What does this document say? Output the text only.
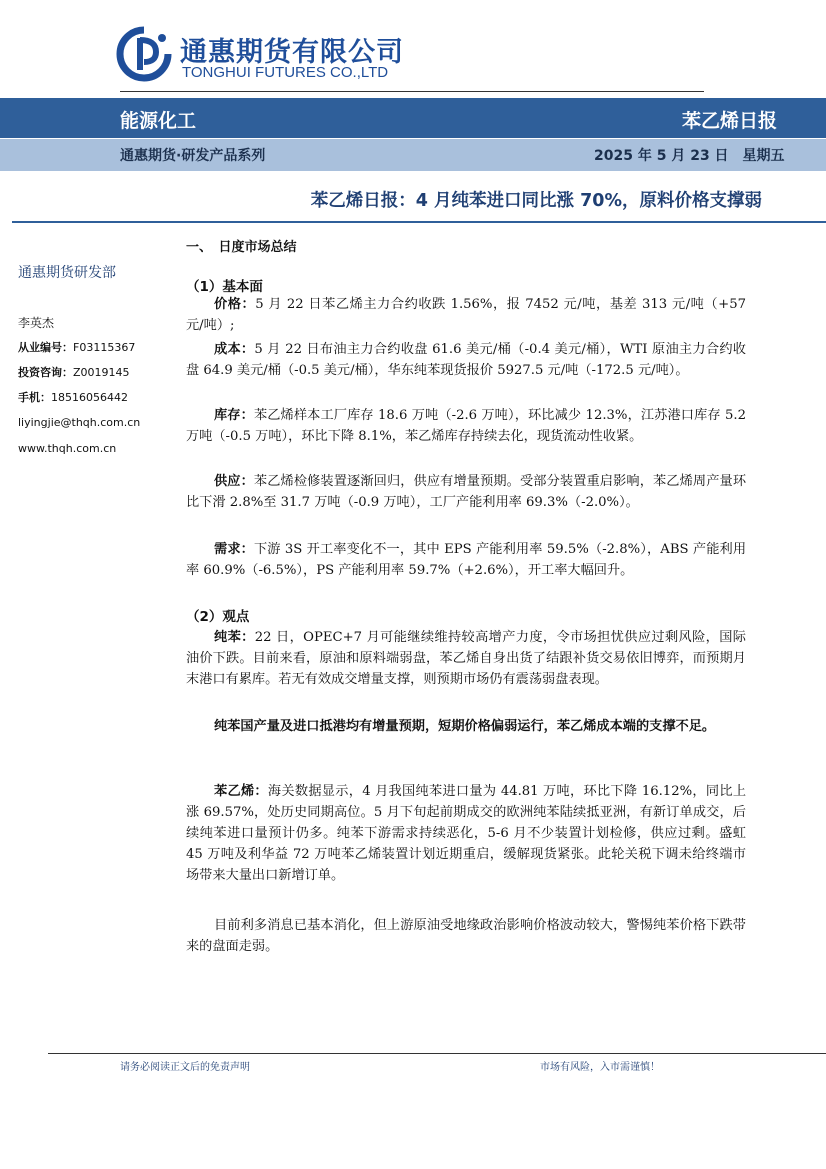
通惠期货有限公司
TONGHUI FUTURES CO.,LTD
能源化工	苯乙烯日报
通惠期货·研发产品系列	2025 年 5 月 23 日　星期五
苯乙烯日报：4 月纯苯进口同比涨 70%，原料价格支撑弱
通惠期货研发部
李英杰
从业编号：F03115367
投资咨询：Z0019145
手机：18516056442
liyingjie@thqh.com.cn
www.thqh.com.cn
一、　日度市场总结
（1）基本面

价格：5 月 22 日苯乙烯主力合约收跌 1.56%，报 7452 元/吨，基差 313 元/吨（+57 元/吨）;

成本：5 月 22 日布油主力合约收盘 61.6 美元/桶（-0.4 美元/桶），WTI 原油主力合约收盘 64.9 美元/桶（-0.5 美元/桶），华东纯苯现货报价 5927.5 元/吨（-172.5 元/吨）。

库存：苯乙烯样本工厂库存 18.6 万吨（-2.6 万吨），环比减少 12.3%，江苏港口库存 5.2 万吨（-0.5 万吨），环比下降 8.1%，苯乙烯库存持续去化，现货流动性收紧。

供应：苯乙烯检修装置逐渐回归，供应有增量预期。受部分装置重启影响，苯乙烯周产量环比下滑 2.8%至 31.7 万吨（-0.9 万吨），工厂产能利用率 69.3%（-2.0%）。

需求：下游 3S 开工率变化不一，其中 EPS 产能利用率 59.5%（-2.8%），ABS 产能利用率 60.9%（-6.5%），PS 产能利用率 59.7%（+2.6%），开工率大幅回升。

（2）观点

纯苯：22 日，OPEC+7 月可能继续维持较高增产力度，令市场担忧供应过剩风险，国际油价下跌。目前来看，原油和原料端弱盘，苯乙烯自身出货了结跟补货交易依旧博弈，而预期月末港口有累库。若无有效成交增量支撑，则预期市场仍有震荡弱盘表现。

纯苯国产量及进口抵港均有增量预期，短期价格偏弱运行，苯乙烯成本端的支撑不足。

苯乙烯：海关数据显示，4 月我国纯苯进口量为 44.81 万吨，环比下降 16.12%，同比上涨 69.57%，处历史同期高位。5 月下旬起前期成交的欧洲纯苯陆续抵亚洲，有新订单成交，后续纯苯进口量预计仍多。纯苯下游需求持续恶化，5-6 月不少装置计划检修，供应过剩。盛虹 45 万吨及利华益 72 万吨苯乙烯装置计划近期重启，缓解现货紧张。此轮关税下调未给终端市场带来大量出口新增订单。

目前利多消息已基本消化，但上游原油受地缘政治影响价格波动较大，警惕纯苯价格下跌带来的盘面走弱。

请务必阅读正文后的免责声明	市场有风险，入市需谨慎！
